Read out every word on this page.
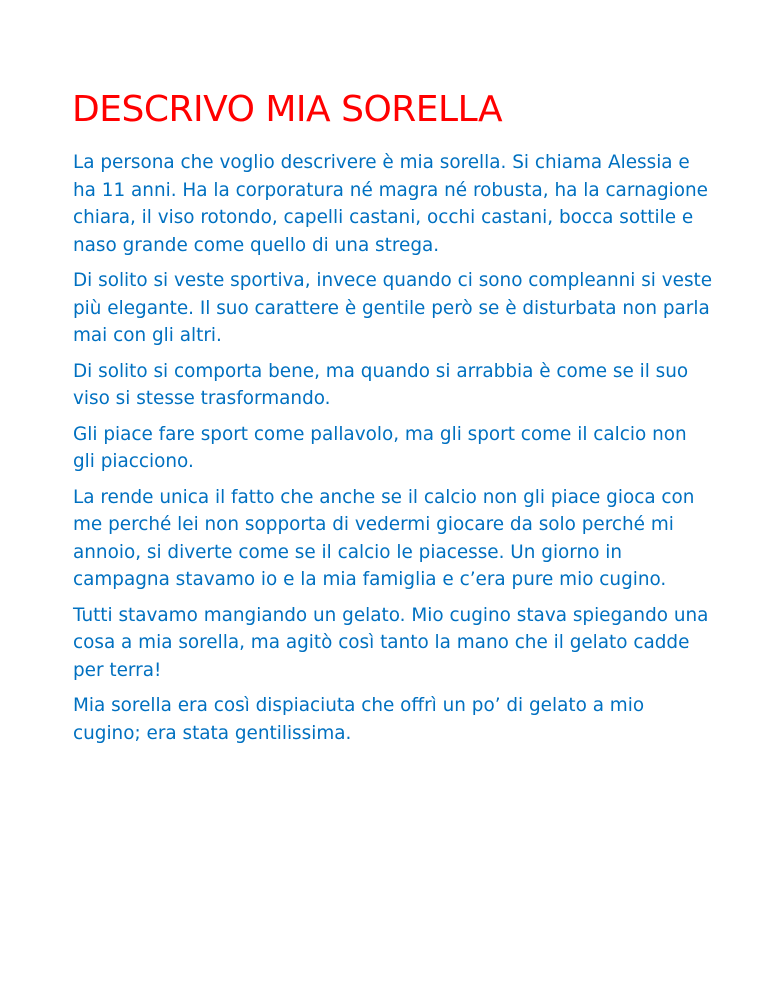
DESCRIVO MIA SORELLA

La persona che voglio descrivere è mia sorella. Si chiama Alessia e ha 11 anni. Ha la corporatura né magra né robusta, ha la carnagione chiara, il viso rotondo, capelli castani, occhi castani, bocca sottile e naso grande come quello di una strega.

Di solito si veste sportiva, invece quando ci sono compleanni si veste più elegante. Il suo carattere è gentile però se è disturbata non parla mai con gli altri.

Di solito si comporta bene, ma quando si arrabbia è come se il suo viso si stesse trasformando.

Gli piace fare sport come pallavolo, ma gli sport come il calcio non gli piacciono.

La rende unica il fatto che anche se il calcio non gli piace gioca con me perché lei non sopporta di vedermi giocare da solo perché mi annoio, si diverte come se il calcio le piacesse. Un giorno in campagna stavamo io e la mia famiglia e c’era pure mio cugino.

Tutti stavamo mangiando un gelato. Mio cugino stava spiegando una cosa a mia sorella, ma agitò così tanto la mano che il gelato cadde per terra!

Mia sorella era così dispiaciuta che offrì un po’ di gelato a mio cugino; era stata gentilissima.
